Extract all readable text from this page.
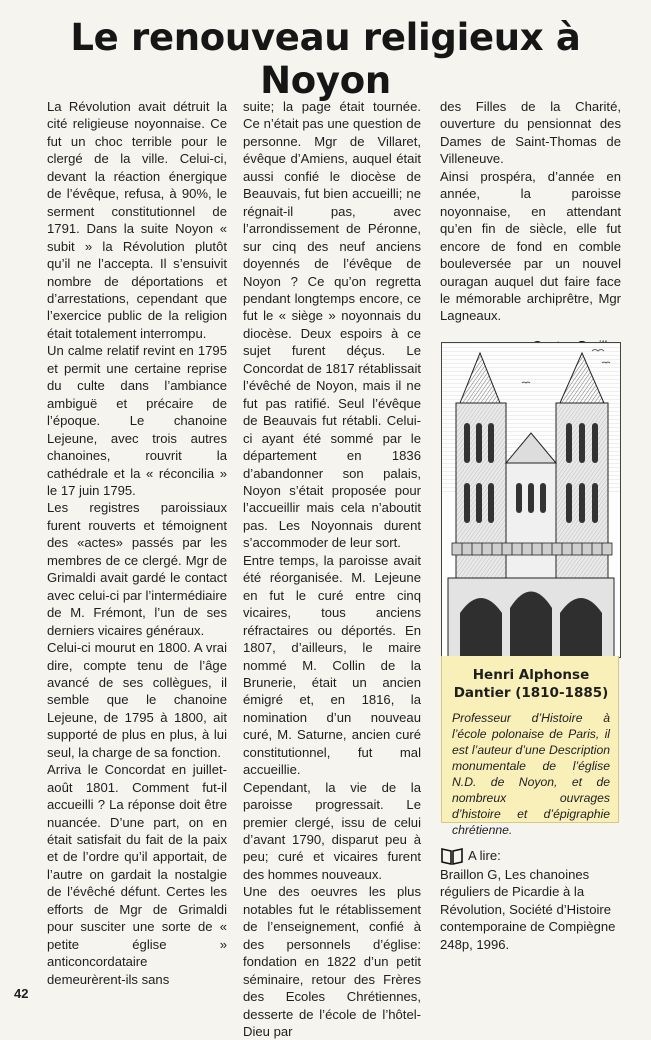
Le renouveau religieux à Noyon

La Révolution avait détruit la cité religieuse noyonnaise. Ce fut un choc terrible pour le clergé de la ville. Celui-ci, devant la réaction énergique de l’évêque, refusa, à 90%, le serment constitutionnel de 1791. Dans la suite Noyon « subit » la Révolution plutôt qu’il ne l’accepta. Il s’ensuivit nombre de déportations et d’arrestations, cependant que l’exercice public de la religion était totalement interrompu.

Un calme relatif revint en 1795 et permit une certaine reprise du culte dans l’ambiance ambiguë et précaire de l’époque. Le chanoine Lejeune, avec trois autres chanoines, rouvrit la cathédrale et la « réconcilia » le 17 juin 1795.

Les registres paroissiaux furent rouverts et témoignent des «actes» passés par les membres de ce clergé. Mgr de Grimaldi avait gardé le contact avec celui-ci par l’intermédiaire de M. Frémont, l’un de ses derniers vicaires généraux.

Celui-ci mourut en 1800. A vrai dire, compte tenu de l’âge avancé de ses collègues, il semble que le chanoine Lejeune, de 1795 à 1800, ait supporté de plus en plus, à lui seul, la charge de sa fonction.

Arriva le Concordat en juillet-août 1801. Comment fut-il accueilli ? La réponse doit être nuancée. D’une part, on en était satisfait du fait de la paix et de l’ordre qu’il apportait, de l’autre on gardait la nostalgie de l’évêché défunt. Certes les efforts de Mgr de Grimaldi pour susciter une sorte de « petite église » anticoncordataire demeurèrent-ils sans

suite; la page était tournée. Ce n’était pas une question de personne. Mgr de Villaret, évêque d’Amiens, auquel était aussi confié le diocèse de Beauvais, fut bien accueilli; ne régnait-il pas, avec l’arrondissement de Péronne, sur cinq des neuf anciens doyennés de l’évêque de Noyon ? Ce qu’on regretta pendant longtemps encore, ce fut le « siège » noyonnais du diocèse. Deux espoirs à ce sujet furent déçus. Le Concordat de 1817 rétablissait l’évêché de Noyon, mais il ne fut pas ratifié. Seul l’évêque de Beauvais fut rétabli. Celui-ci ayant été sommé par le département en 1836 d’abandonner son palais, Noyon s’était proposée pour l’accueillir mais cela n’aboutit pas. Les Noyonnais durent s’accommoder de leur sort.

Entre temps, la paroisse avait été réorganisée. M. Lejeune en fut le curé entre cinq vicaires, tous anciens réfractaires ou déportés. En 1807, d’ailleurs, le maire nommé M. Collin de la Brunerie, était un ancien émigré et, en 1816, la nomination d’un nouveau curé, M. Saturne, ancien curé constitutionnel, fut mal accueillie.

Cependant, la vie de la paroisse progressait. Le premier clergé, issu de celui d’avant 1790, disparut peu à peu; curé et vicaires furent des hommes nouveaux.

Une des oeuvres les plus notables fut le rétablissement de l’enseignement, confié à des personnels d’église: fondation en 1822 d’un petit séminaire, retour des Frères des Ecoles Chrétiennes, desserte de l’école de l’hôtel-Dieu par

des Filles de la Charité, ouverture du pensionnat des Dames de Saint-Thomas de Villeneuve.

Ainsi prospéra, d’année en année, la paroisse noyonnaise, en attendant qu’en fin de siècle, elle fut encore de fond en comble bouleversée par un nouvel ouragan auquel dut faire face le mémorable archiprêtre, Mgr Lagneaux.

Henri Alphonse Dantier (1810-1885)
Professeur d’Histoire à l’école polonaise de Paris, il est l’auteur d’une Description monumentale de l’église N.D. de Noyon, et de nombreux ouvrages d’histoire et d’épigraphie chrétienne.
A lire:
Braillon G, Les chanoines réguliers de Picardie à la Révolution, Société d’Histoire contemporaine de Compiègne 248p, 1996.
42
